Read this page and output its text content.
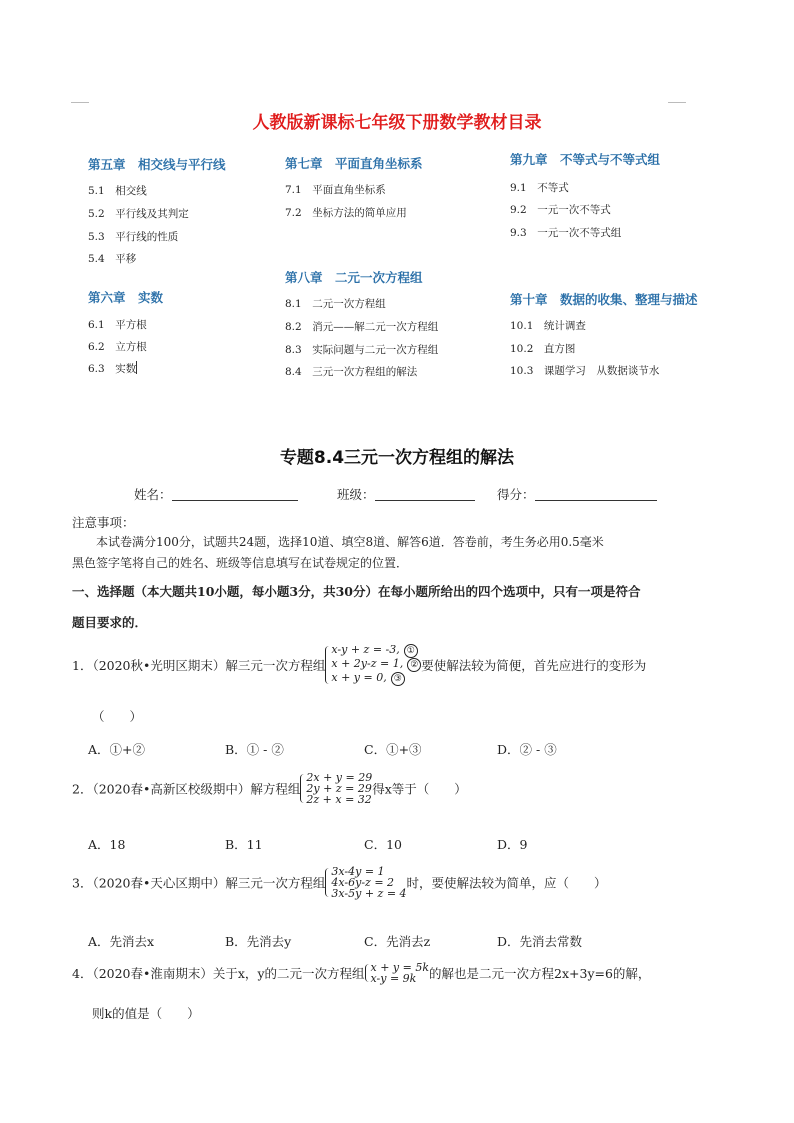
人教版新课标七年级下册数学教材目录
第五章　相交线与平行线
5.1　相交线
5.2　平行线及其判定
5.3　平行线的性质
5.4　平移
第六章　实数
6.1　平方根
6.2　立方根
6.3　实数
第七章　平面直角坐标系
7.1　平面直角坐标系
7.2　坐标方法的简单应用
第八章　二元一次方程组
8.1　二元一次方程组
8.2　消元——解二元一次方程组
8.3　实际问题与二元一次方程组
8.4　三元一次方程组的解法
第九章　不等式与不等式组
9.1　不等式
9.2　一元一次不等式
9.3　一元一次不等式组
第十章　数据的收集、整理与描述
10.1　统计调查
10.2　直方图
10.3　课题学习　从数据谈节水
专题8.4三元一次方程组的解法
姓名：	班级：	得分：
注意事项：
本试卷满分100分，试题共24题，选择10道、填空8道、解答6道．答卷前，考生务必用0.5毫米
黑色签字笔将自己的姓名、班级等信息填写在试卷规定的位置．
一、选择题（本大题共10小题，每小题3分，共30分）在每小题所给出的四个选项中，只有一项是符合
题目要求的．
1．（2020秋•光明区期末）解三元一次方程组
x-y + z = -3, ①
x + 2y-z = 1, ②
x + y = 0, ③
要使解法较为简便，首先应进行的变形为
（　　）
A．①+②	B．① - ②	C．①+③	D．② - ③
2．（2020春•高新区校级期中）解方程组
2x + y = 29
2y + z = 29
2z + x = 32
得x等于（　　）
A．18	B．11	C．10	D．9
3．（2020春•天心区期中）解三元一次方程组
3x-4y = 1
4x-6y-z = 2
3x-5y + z = 4
时，要使解法较为简单，应（　　）
A．先消去x	B．先消去y	C．先消去z	D．先消去常数
4．（2020春•淮南期末）关于x，y的二元一次方程组 x + y = 5k
x-y = 9k	的解也是二元一次方程2x+3y=6的解，
则k的值是（　　）
